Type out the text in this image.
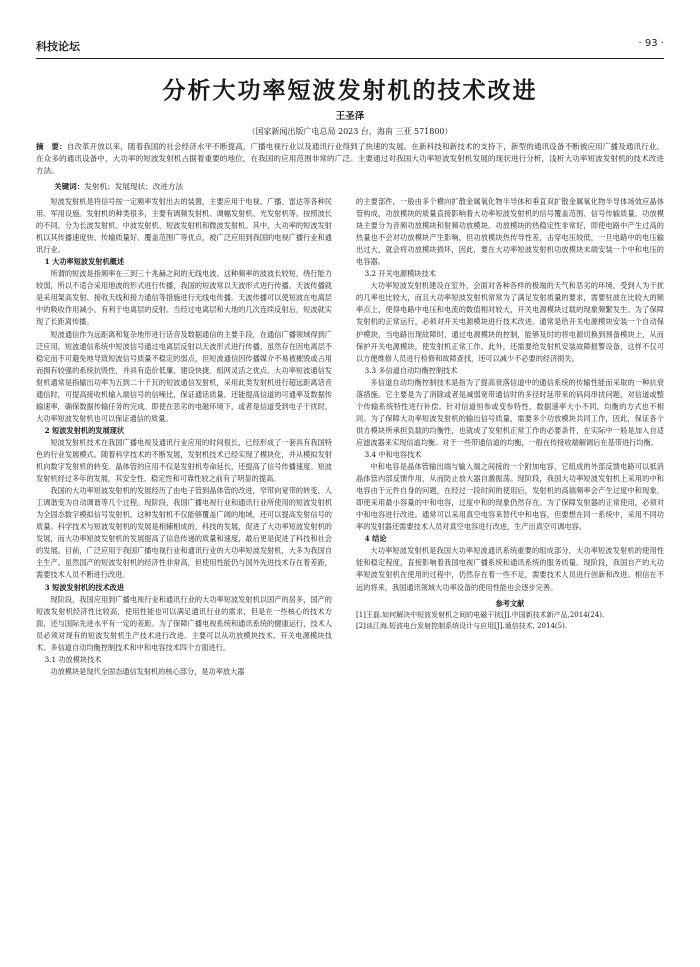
科技论坛	· 93 ·
分析大功率短波发射机的技术改进
王圣泽
（国家新闻出版广电总局 2023 台，海南 三亚 571800）
摘　要：自改革开放以来，随着我国的社会经济水平不断提高，广播电视行业以及通讯行业得到了快速的发展。在新科技和新技术的支持下，新型的通讯设备不断被应用广播及通讯行业。在众多的通讯设备中，大功率的短波发射机占据着重要的地位，在我国的应用范围非常的广泛。主要通过对我国大功率短波发射机发展的现状进行分析，浅析大功率短波发射机的技术改进方法。
关键词：发射机；发展现状；改进方法

短波发射机是将信号按一定频率发射出去的装置，主要应用于电视、广播、雷达等各种民用、军用设施。发射机的种类很多，主要有调频发射机、调幅发射机、光发射机等。按照波长的不同，分为长波发射机、中波发射机、短波发射机和微波发射机。其中，大功率的短波发射机以其传播速度快、传输质量好、覆盖范围广等优点，被广泛应用到我国的电视广播行业和通讯行业。

1 大功率短波发射机概述

所谓的短波是指频率在三到三十兆赫之间的无线电波。这种频率的波波长较短，绕行能力较弱，所以不适合采用地波的形式进行传播，我国的短波常以天波形式进行传播。天波传播就是采用架高发射、接收天线和接力通信等措施进行无线电传播。天波传播可以使短波在电离层中的吸收作用减小，有利于电离层的反射。当经过电离层和大地的几次连续反射后，短波就实现了长距离传播。

短波通信作为远距离和复杂地形进行话音及数据通信的主要手段，在通信广播领域得到广泛应用。短波通信系统中短波信号通过电离层反射以天波形式进行传播，虽然存在因电离层不稳定而不可避免地导致短波信号质量不稳定的弱点，但短波通信因传播媒介不易被摧毁或占用而拥有较强的系统抗毁性，并具有造价低廉、建设快捷、组网灵活之优点。大功率短波通信发射机通常是指输出功率为五到二十千瓦的短波通信发射机，采用此类发射机进行超远距离话音通信时，可提高接收机输入端信号的信噪比，保证通话质量。还能提高信道的可通率及数据传输速率，确保数据传输任务的完成。即使在恶劣的电磁环境下，或者是信道受到电子干扰时，大功率短波发射机也可以保证通信的质量。

2 短波发射机的发展现状

短波发射机技术在我国广播电视及通讯行业应用的时间很长，已经形成了一套具有我国特色的行业发展模式。随着科学技术的不断发展，发射机技术已经实现了模块化，并从模拟发射机向数字发射机的转变。晶体管的应用不仅是发射机寿命延长，还提高了信号传播速度。短波发射机经过多年的发展，其安全性、稳定性和可靠性较之前有了明显的提高。

我国的大功率短波发射机的发展经历了由电子管到晶体管的改进，窄带向宽带的转变，人工调谐变为自动调谐等几个过程。现阶段，我国广播电视行业和通讯行业所使用的短波发射机为全固态数字模拟信号发射机，这种发射机不仅能够覆盖广阔的地域，还可以提高发射信号的质量。科学技术与短波发射机的发展是相辅相成的，科技的发展，促进了大功率短波发射机的发展，而大功率短波发射机的发展提高了信息传递的质量和速度，最后更是促进了科技和社会的发展。目前，广泛应用于我国广播电视行业和通讯行业的大功率短波发射机，大多为我国自主生产。虽然国产的短波发射机的经济性非常高，但使用性能仍与国外先进技术存在着差距，需要技术人员不断进行改进。

3 短波发射机的技术改进

现阶段，我国应用到广播电视行业和通讯行业的大功率短波发射机以国产的居多，国产的短波发射机经济性比较高，使用性能也可以满足通讯行业的需求，但是在一些核心的技术方面，还与国际先进水平有一定的差距。为了保障广播电视系统和通讯系统的健康运行，技术人员必须对现有的短波发射机生产技术进行改进。主要可以从功放模块技术、开关电源模块技术、多信道自动均衡控制技术和中和电容技术四个方面进行。

3.1 功放模块技术

功放模块是现代全固态通信发射机的核心部分，是功率放大器

的主要部件，一般由多个横向扩散金属氧化物半导体和垂直双扩散金属氧化物半导体场效应晶体管构成，功放模块的质量直接影响着大功率短波发射机的信号覆盖范围、信号传输质量。功放模块主要分为音频功放模块和射频功放模块。功放模块的热稳定性非常好，即使电路中产生过高的热量也不会对功放模块产生影响，但功放模块热传导性差，击穿电压较低，一旦电路中的电压输出过大，就会将功放模块损坏，因此，要在大功率短波发射机功放模块末端安装一个中和电压的电容器。

3.2 开关电源模块技术

大功率短波发射机建设在室外，会面对各种各样的极端的天气和恶劣的环境，受到人为干扰的几率也比较大，而且大功率短波发射机常常为了满足发射质量的要求，需要驻波在比较大的频率点上，使得电路中电压和电流的数值相对较大，开关电源模块过载的现象频繁发生。为了保障发射机的正常运行，必须对开关电源模块进行技术改进。通常是给开关电源模块安装一个自动保护模块，当电路出现故障时，通过电源模块的控制，能够及时的将电源切换到预备模块上，从而保护开关电源模块，使发射机正常工作。此外，还需要给发射机安装故障报警设备，这样不仅可以方便维修人员进行检修和故障查找，还可以减少不必要的经济损失。

3.3 多信道自动均衡控制技术

多信道自动均衡控制技术是指为了提高衰落信道中的通信系统的传输性能而采取的一种抗衰落措施。它主要是为了消除或者是减弱宽带通信时的多径时延带来的码间串扰问题，对信道或整个传输系统特性进行补偿。针对信道恒参或变参特性，数据速率大小不同，均衡的方式也不相同。为了保障大功率短波发射机的输出信号质量，需要多个功放模块共同工作，因此，保证各个供方模块所承担负载的均衡性，也就成了发射机正常工作的必要条件，在实际中一般是加入自适应滤波器来实现信道均衡。对于一些带通信道的均衡，一般在传接收端解调后在基带进行均衡。

3.4 中和电容技术

中和电容是晶体管输出端与输入端之间接的一个附加电容，它组成的外部反馈电路可以抵消晶体管内部反馈作用，从而防止放大器自激振荡。现阶段，我国大功率短波发射机上采用的中和电容由于元件自身的问题，在经过一段时间的使用后，发射机的高端频率会产生过度中和现象，即使采用最小容量的中和电容，过度中和的现象仍然存在。为了保障发射器的正常使用，必须对中和电容进行改进。通常可以采用真空电容来替代中和电容，但要想在同一系统中，采用不同功率的发射器还需要技术人员对真空电容进行改进，生产出真空可调电容。

4 结论

大功率短波发射机是我国大功率短波通讯系统重要的组成部分，大功率短波发射机的使用性能和稳定程度，直接影响着我国电视广播系统和通讯系统的服务质量。现阶段，我国自产的大功率短波发射机在使用的过程中，仍然存在着一些不足，需要技术人员进行创新和改进。相信在不远的将来，我国通讯领域大功率设备的使用性能也会逐步完善。

参考文献

[1]王磊.如何解决中短波发射机之间的电磁干扰[J].中国新技术新产品,2014(24).

[2]谈江海.短波电台发射控制系统设计与应用[J].通信技术, 2014(5).
